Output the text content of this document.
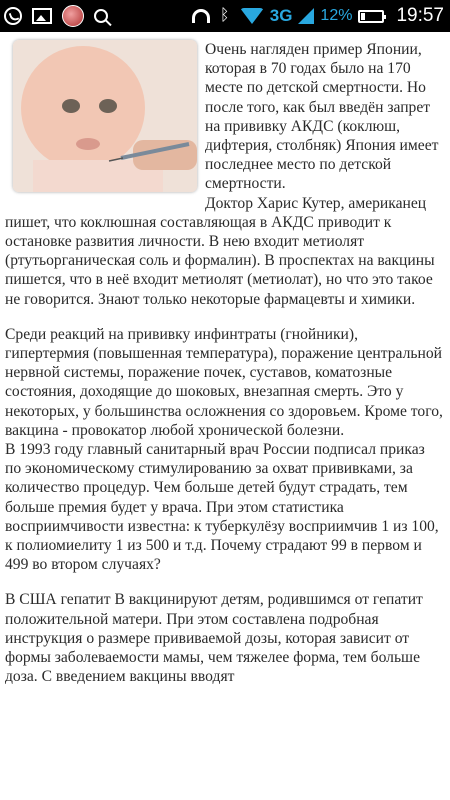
ᛒ 3G 12% 19:57

Очень нагляден пример Японии, которая в 70 годах было на 170 месте по детской смертности. Но после того, как был введён запрет на прививку АКДС (коклюш, дифтерия, столбняк) Япония имеет последнее место по детской смертности.

Доктор Харис Кутер, американец пишет, что коклюшная составляющая в АКДС приводит к остановке развития личности. В нею входит метиолят (ртутьорганическая соль и формалин). В проспектах на вакцины пишется, что в неё входит метиолят (метиолат), но что это такое не говорится. Знают только некоторые фармацевты и химики.

Среди реакций на прививку инфинтраты (гнойники), гипертермия (повышенная температура), поражение центральной нервной системы, поражение почек, суставов, коматозные состояния, доходящие до шоковых, внезапная смерть. Это у некоторых, у большинства осложнения со здоровьем. Кроме того, вакцина - провокатор любой хронической болезни.

В 1993 году главный санитарный врач России подписал приказ по экономическому стимулированию за охват прививками, за количество процедур. Чем больше детей будут страдать, тем больше премия будет у врача. При этом статистика восприимчивости известна: к туберкулёзу восприимчив 1 из 100, к полиомиелиту 1 из 500 и т.д. Почему страдают 99 в первом и 499 во втором случаях?

В США гепатит В вакцинируют детям, родившимся от гепатит положительной матери. При этом составлена подробная инструкция о размере прививаемой дозы, которая зависит от формы заболеваемости мамы, чем тяжелее форма, тем больше доза. С введением вакцины вводят
